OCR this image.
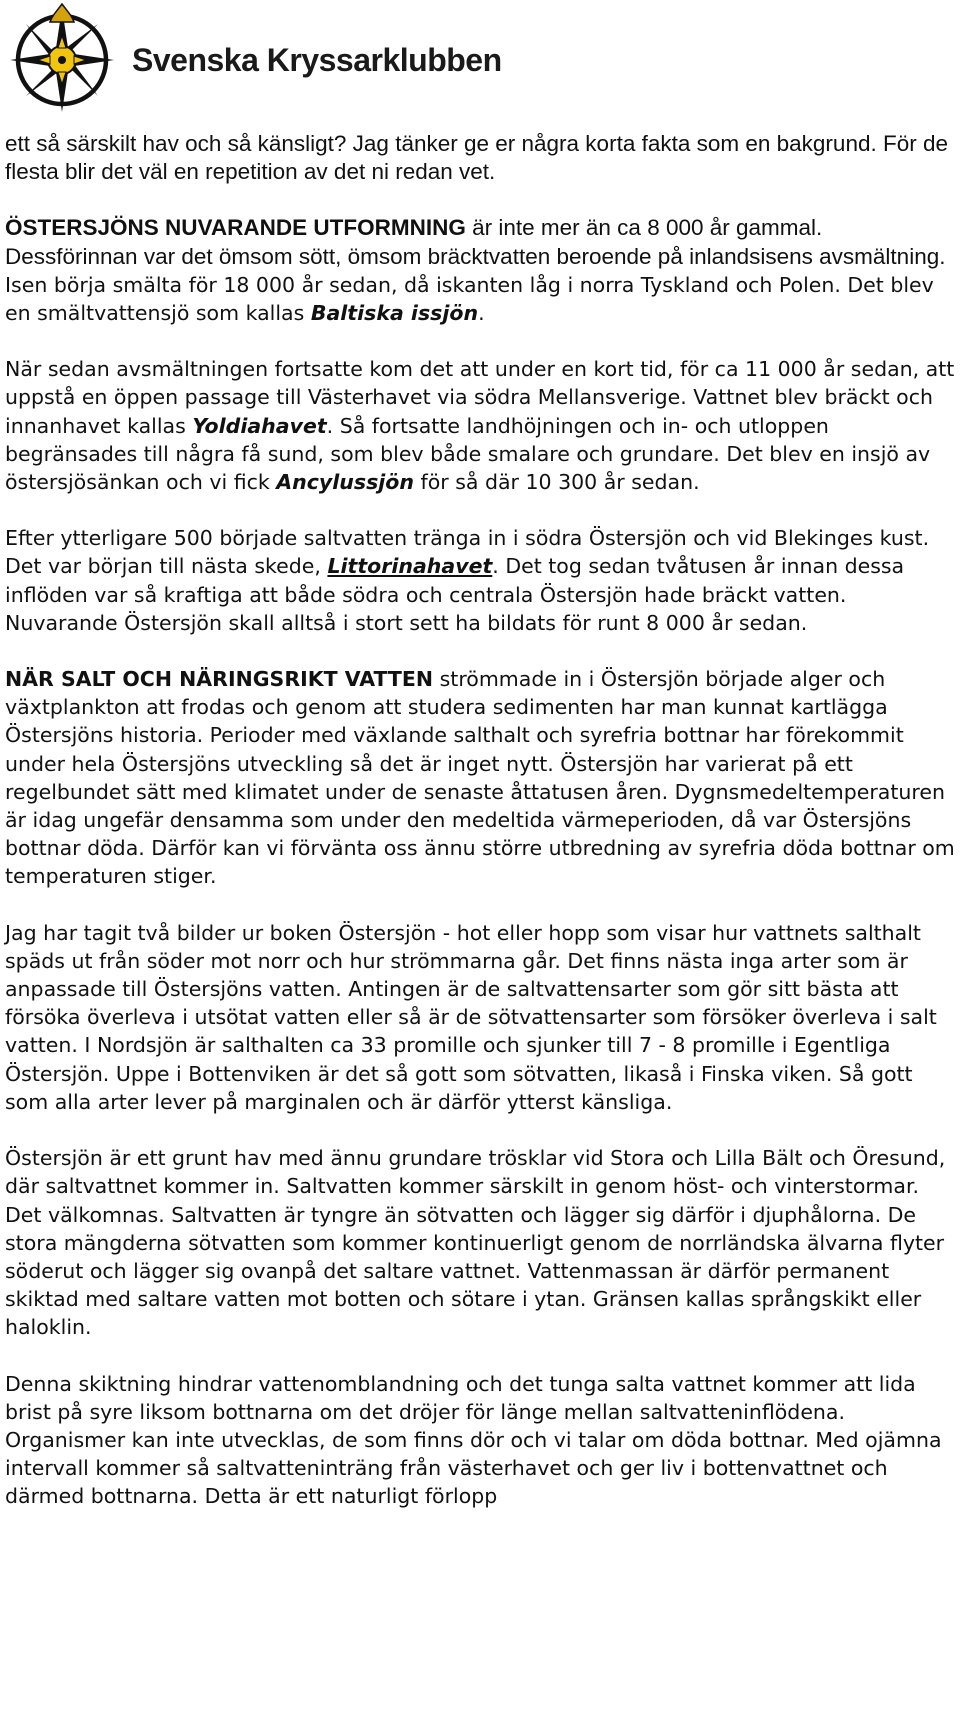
Svenska Kryssarklubben

ett så särskilt hav och så känsligt? Jag tänker ge er några korta fakta som en bakgrund. För de flesta blir det väl en repetition av det ni redan vet.

ÖSTERSJÖNS NUVARANDE UTFORMNING är inte mer än ca 8 000 år gammal. Dessförinnan var det ömsom sött, ömsom bräcktvatten beroende på inlandsisens avsmältning. Isen börja smälta för 18 000 år sedan, då iskanten låg i norra Tyskland och Polen. Det blev en smältvattensjö som kallas Baltiska issjön.

När sedan avsmältningen fortsatte kom det att under en kort tid, för ca 11 000 år sedan, att uppstå en öppen passage till Västerhavet via södra Mellansverige. Vattnet blev bräckt och innanhavet kallas Yoldiahavet. Så fortsatte landhöjningen och in- och utloppen begränsades till några få sund, som blev både smalare och grundare. Det blev en insjö av östersjösänkan och vi fick Ancylussjön för så där 10 300 år sedan.

Efter ytterligare 500 började saltvatten tränga in i södra Östersjön och vid Blekinges kust. Det var början till nästa skede, Littorinahavet. Det tog sedan tvåtusen år innan dessa inflöden var så kraftiga att både södra och centrala Östersjön hade bräckt vatten. Nuvarande Östersjön skall alltså i stort sett ha bildats för runt 8 000 år sedan.

NÄR SALT OCH NÄRINGSRIKT VATTEN strömmade in i Östersjön började alger och växtplankton att frodas och genom att studera sedimenten har man kunnat kartlägga Östersjöns historia. Perioder med växlande salthalt och syrefria bottnar har förekommit under hela Östersjöns utveckling så det är inget nytt. Östersjön har varierat på ett regelbundet sätt med klimatet under de senaste åttatusen åren. Dygnsmedeltemperaturen är idag ungefär densamma som under den medeltida värmeperioden, då var Östersjöns bottnar döda. Därför kan vi förvänta oss ännu större utbredning av syrefria döda bottnar om temperaturen stiger.

Jag har tagit två bilder ur boken Östersjön - hot eller hopp som visar hur vattnets salthalt späds ut från söder mot norr och hur strömmarna går. Det finns nästa inga arter som är anpassade till Östersjöns vatten. Antingen är de saltvattensarter som gör sitt bästa att försöka överleva i utsötat vatten eller så är de sötvattensarter som försöker överleva i salt vatten. I Nordsjön är salthalten ca 33 promille och sjunker till 7 - 8 promille i Egentliga Östersjön. Uppe i Bottenviken är det så gott som sötvatten, likaså i Finska viken. Så gott som alla arter lever på marginalen och är därför ytterst känsliga.

Östersjön är ett grunt hav med ännu grundare trösklar vid Stora och Lilla Bält och Öresund, där saltvattnet kommer in. Saltvatten kommer särskilt in genom höst- och vinterstormar. Det välkomnas. Saltvatten är tyngre än sötvatten och lägger sig därför i djuphålorna. De stora mängderna sötvatten som kommer kontinuerligt genom de norrländska älvarna flyter söderut och lägger sig ovanpå det saltare vattnet. Vattenmassan är därför permanent skiktad med saltare vatten mot botten och sötare i ytan. Gränsen kallas språngskikt eller haloklin.

Denna skiktning hindrar vattenomblandning och det tunga salta vattnet kommer att lida brist på syre liksom bottnarna om det dröjer för länge mellan saltvatteninflödena. Organismer kan inte utvecklas, de som finns dör och vi talar om döda bottnar. Med ojämna intervall kommer så saltvatteninträng från västerhavet och ger liv i bottenvattnet och därmed bottnarna. Detta är ett naturligt förlopp
